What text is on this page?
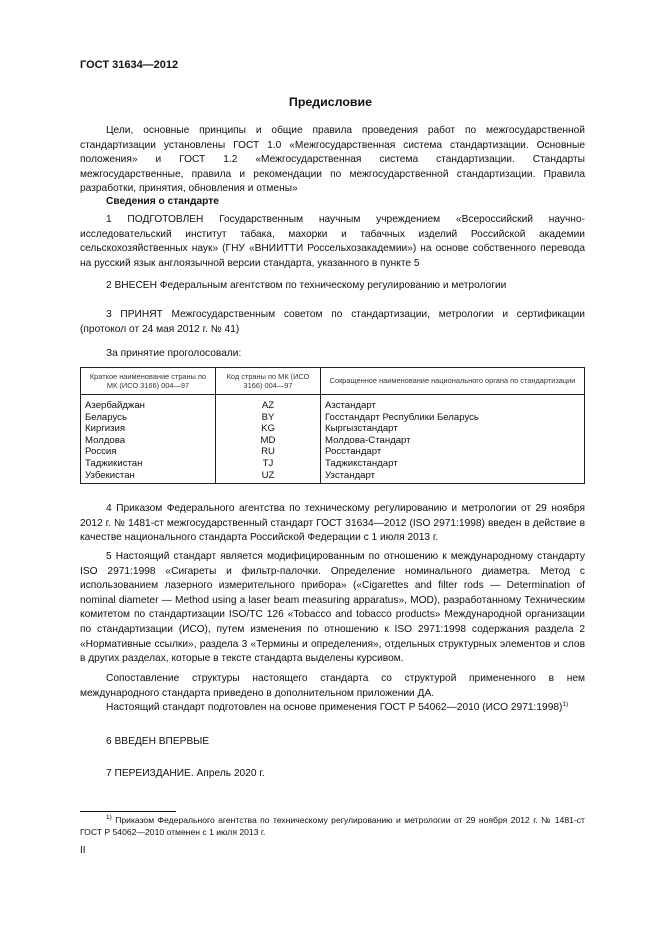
ГОСТ 31634—2012
Предисловие

Цели, основные принципы и общие правила проведения работ по межгосударственной стандартизации установлены ГОСТ 1.0 «Межгосударственная система стандартизации. Основные положения» и ГОСТ 1.2 «Межгосударственная система стандартизации. Стандарты межгосударственные, правила и рекомендации по межгосударственной стандартизации. Правила разработки, принятия, обновления и отмены»

Сведения о стандарте

1 ПОДГОТОВЛЕН Государственным научным учреждением «Всероссийский научно-исследовательский институт табака, махорки и табачных изделий Российской академии сельскохозяйственных наук» (ГНУ «ВНИИТТИ Россельхозакадемии») на основе собственного перевода на русский язык англоязычной версии стандарта, указанного в пункте 5

2 ВНЕСЕН Федеральным агентством по техническому регулированию и метрологии

3 ПРИНЯТ Межгосударственным советом по стандартизации, метрологии и сертификации (протокол от 24 мая 2012 г. № 41)

За принятие проголосовали:

Краткое наименование страны по МК (ИСО 3166) 004—97	Код страны по МК (ИСО 3166) 004—97	Сокращенное наименование национального органа по стандартизации
Азербайджан	AZ	Азстандарт
Беларусь	BY	Госстандарт Республики Беларусь
Киргизия	KG	Кыргызстандарт
Молдова	MD	Молдова-Стандарт
Россия	RU	Росстандарт
Таджикистан	TJ	Таджикстандарт
Узбекистан	UZ	Узстандарт

4 Приказом Федерального агентства по техническому регулированию и метрологии от 29 ноября 2012 г. № 1481-ст межгосударственный стандарт ГОСТ 31634—2012 (ISO 2971:1998) введен в действие в качестве национального стандарта Российской Федерации с 1 июля 2013 г.

5 Настоящий стандарт является модифицированным по отношению к международному стандарту ISO 2971:1998 «Сигареты и фильтр-палочки. Определение номинального диаметра. Метод с использованием лазерного измерительного прибора» («Cigarettes and filter rods — Determination of nominal diameter — Method using a laser beam measuring apparatus», MOD), разработанному Техническим комитетом по стандартизации ISO/TC 126 «Tobacco and tobacco products» Международной организации по стандартизации (ИСО), путем изменения по отношению к ISO 2971:1998 содержания раздела 2 «Нормативные ссылки», раздела 3 «Термины и определения», отдельных структурных элементов и слов в других разделах, которые в тексте стандарта выделены курсивом.

Сопоставление структуры настоящего стандарта со структурой примененного в нем международного стандарта приведено в дополнительном приложении ДА.

Настоящий стандарт подготовлен на основе применения ГОСТ Р 54062—2010 (ИСО 2971:1998)$^{1)}$

6 ВВЕДЕН ВПЕРВЫЕ

7 ПЕРЕИЗДАНИЕ. Апрель 2020 г.

$^{1)}$ Приказом Федерального агентства по техническому регулированию и метрологии от 29 ноября 2012 г. № 1481-ст ГОСТ Р 54062—2010 отменен с 1 июля 2013 г.

II
